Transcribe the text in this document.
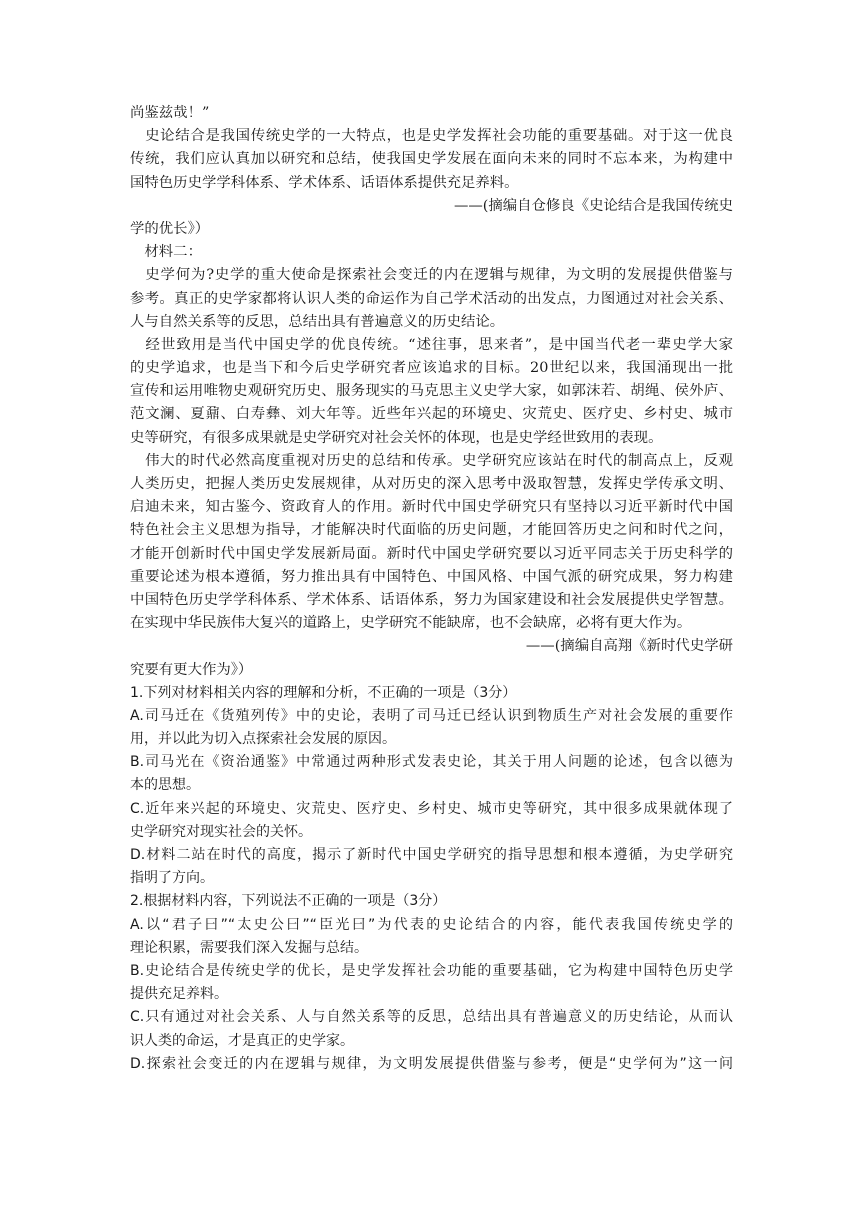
尚鉴兹哉！”
　史论结合是我国传统史学的一大特点，也是史学发挥社会功能的重要基础。对于这一优良
传统，我们应认真加以研究和总结，使我国史学发展在面向未来的同时不忘本来，为构建中
国特色历史学学科体系、学术体系、话语体系提供充足养料。
——(摘编自仓修良《史论结合是我国传统史
学的优长》）
　材料二：
　史学何为?史学的重大使命是探索社会变迁的内在逻辑与规律，为文明的发展提供借鉴与
参考。真正的史学家都将认识人类的命运作为自己学术活动的出发点，力图通过对社会关系、
人与自然关系等的反思，总结出具有普遍意义的历史结论。
　经世致用是当代中国史学的优良传统。“述往事，思来者”，是中国当代老一辈史学大家
的史学追求，也是当下和今后史学研究者应该追求的目标。20世纪以来，我国涌现出一批
宣传和运用唯物史观研究历史、服务现实的马克思主义史学大家，如郭沫若、胡绳、侯外庐、
范文澜、夏鼐、白寿彝、刘大年等。近些年兴起的环境史、灾荒史、医疗史、乡村史、城市
史等研究，有很多成果就是史学研究对社会关怀的体现，也是史学经世致用的表现。
　伟大的时代必然高度重视对历史的总结和传承。史学研究应该站在时代的制高点上，反观
人类历史，把握人类历史发展规律，从对历史的深入思考中汲取智慧，发挥史学传承文明、
启迪未来，知古鉴今、资政育人的作用。新时代中国史学研究只有坚持以习近平新时代中国
特色社会主义思想为指导，才能解决时代面临的历史问题，才能回答历史之问和时代之问，
才能开创新时代中国史学发展新局面。新时代中国史学研究要以习近平同志关于历史科学的
重要论述为根本遵循，努力推出具有中国特色、中国风格、中国气派的研究成果，努力构建
中国特色历史学学科体系、学术体系、话语体系，努力为国家建设和社会发展提供史学智慧。
在实现中华民族伟大复兴的道路上，史学研究不能缺席，也不会缺席，必将有更大作为。
——(摘编自高翔《新时代史学研
究要有更大作为》）
1.下列对材料相关内容的理解和分析，不正确的一项是（3分）
A.司马迁在《货殖列传》中的史论，表明了司马迁已经认识到物质生产对社会发展的重要作
用，并以此为切入点探索社会发展的原因。
B.司马光在《资治通鉴》中常通过两种形式发表史论，其关于用人问题的论述，包含以德为
本的思想。
C.近年来兴起的环境史、灾荒史、医疗史、乡村史、城市史等研究，其中很多成果就体现了
史学研究对现实社会的关怀。
D.材料二站在时代的高度，揭示了新时代中国史学研究的指导思想和根本遵循，为史学研究
指明了方向。
2.根据材料内容，下列说法不正确的一项是（3分）
A.以“君子曰”“太史公曰”“臣光曰”为代表的史论结合的内容，能代表我国传统史学的
理论积累，需要我们深入发掘与总结。
B.史论结合是传统史学的优长，是史学发挥社会功能的重要基础，它为构建中国特色历史学
提供充足养料。
C.只有通过对社会关系、人与自然关系等的反思，总结出具有普遍意义的历史结论，从而认
识人类的命运，才是真正的史学家。
D.探索社会变迁的内在逻辑与规律，为文明发展提供借鉴与参考，便是“史学何为”这一问
